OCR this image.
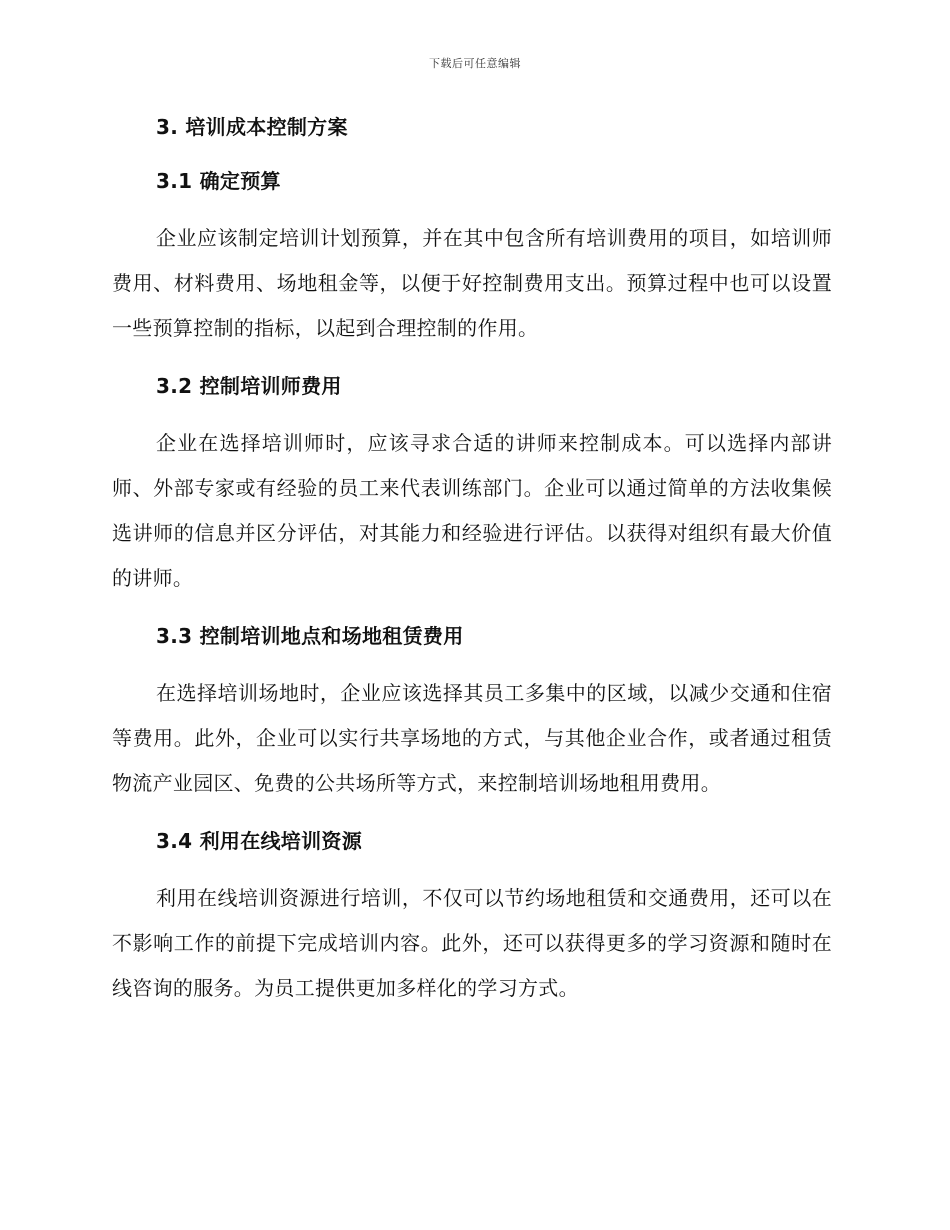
下载后可任意编辑
3. 培训成本控制方案
3.1 确定预算

企业应该制定培训计划预算，并在其中包含所有培训费用的项目，如培训师费用、材料费用、场地租金等，以便于好控制费用支出。预算过程中也可以设置一些预算控制的指标，以起到合理控制的作用。

3.2 控制培训师费用

企业在选择培训师时，应该寻求合适的讲师来控制成本。可以选择内部讲师、外部专家或有经验的员工来代表训练部门。企业可以通过简单的方法收集候选讲师的信息并区分评估，对其能力和经验进行评估。以获得对组织有最大价值的讲师。

3.3 控制培训地点和场地租赁费用

在选择培训场地时，企业应该选择其员工多集中的区域，以减少交通和住宿等费用。此外，企业可以实行共享场地的方式，与其他企业合作，或者通过租赁物流产业园区、免费的公共场所等方式，来控制培训场地租用费用。

3.4 利用在线培训资源

利用在线培训资源进行培训，不仅可以节约场地租赁和交通费用，还可以在不影响工作的前提下完成培训内容。此外，还可以获得更多的学习资源和随时在线咨询的服务。为员工提供更加多样化的学习方式。
